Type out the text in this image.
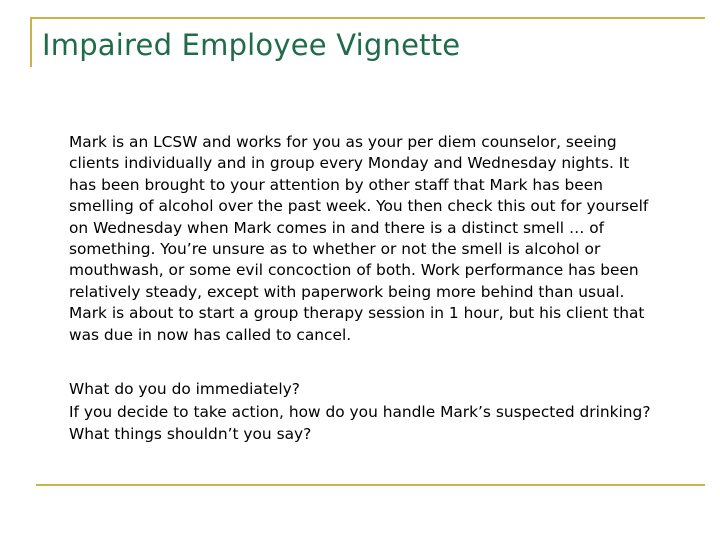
Impaired Employee Vignette
Mark is an LCSW and works for you as your per diem counselor, seeing
clients individually and in group every Monday and Wednesday nights. It
has been brought to your attention by other staff that Mark has been
smelling of alcohol over the past week. You then check this out for yourself
on Wednesday when Mark comes in and there is a distinct smell … of
something. You’re unsure as to whether or not the smell is alcohol or
mouthwash, or some evil concoction of both. Work performance has been
relatively steady, except with paperwork being more behind than usual.
Mark is about to start a group therapy session in 1 hour, but his client that
was due in now has called to cancel.
What do you do immediately?
If you decide to take action, how do you handle Mark’s suspected drinking?
What things shouldn’t you say?
